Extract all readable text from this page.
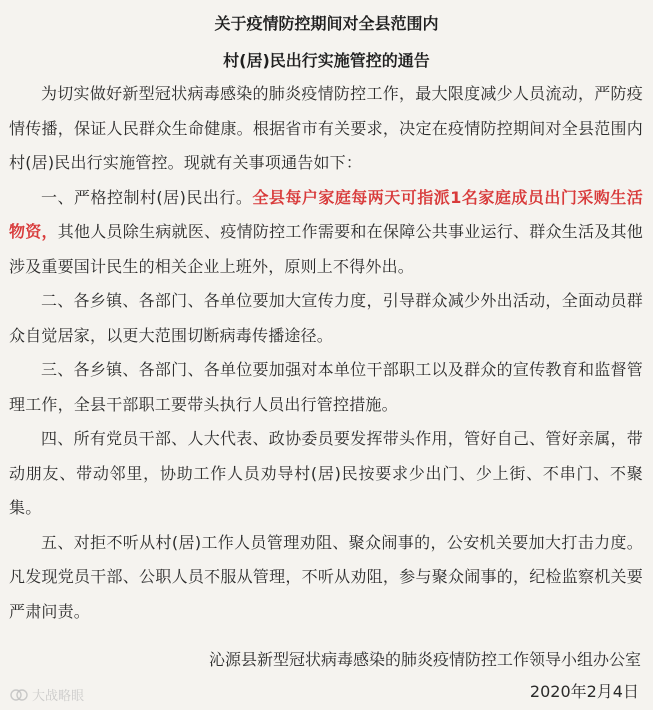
关于疫情防控期间对全县范围内
村(居)民出行实施管控的通告

为切实做好新型冠状病毒感染的肺炎疫情防控工作，最大限度减少人员流动，严防疫情传播，保证人民群众生命健康。根据省市有关要求，决定在疫情防控期间对全县范围内村(居)民出行实施管控。现就有关事项通告如下：

一、严格控制村(居)民出行。全县每户家庭每两天可指派1名家庭成员出门采购生活物资，其他人员除生病就医、疫情防控工作需要和在保障公共事业运行、群众生活及其他涉及重要国计民生的相关企业上班外，原则上不得外出。

二、各乡镇、各部门、各单位要加大宣传力度，引导群众减少外出活动，全面动员群众自觉居家，以更大范围切断病毒传播途径。

三、各乡镇、各部门、各单位要加强对本单位干部职工以及群众的宣传教育和监督管理工作，全县干部职工要带头执行人员出行管控措施。

四、所有党员干部、人大代表、政协委员要发挥带头作用，管好自己、管好亲属，带动朋友、带动邻里，协助工作人员劝导村(居)民按要求少出门、少上街、不串门、不聚集。

五、对拒不听从村(居)工作人员管理劝阻、聚众闹事的，公安机关要加大打击力度。凡发现党员干部、公职人员不服从管理，不听从劝阻，参与聚众闹事的，纪检监察机关要严肃问责。

沁源县新型冠状病毒感染的肺炎疫情防控工作领导小组办公室
2020年2月4日
大战略眼
